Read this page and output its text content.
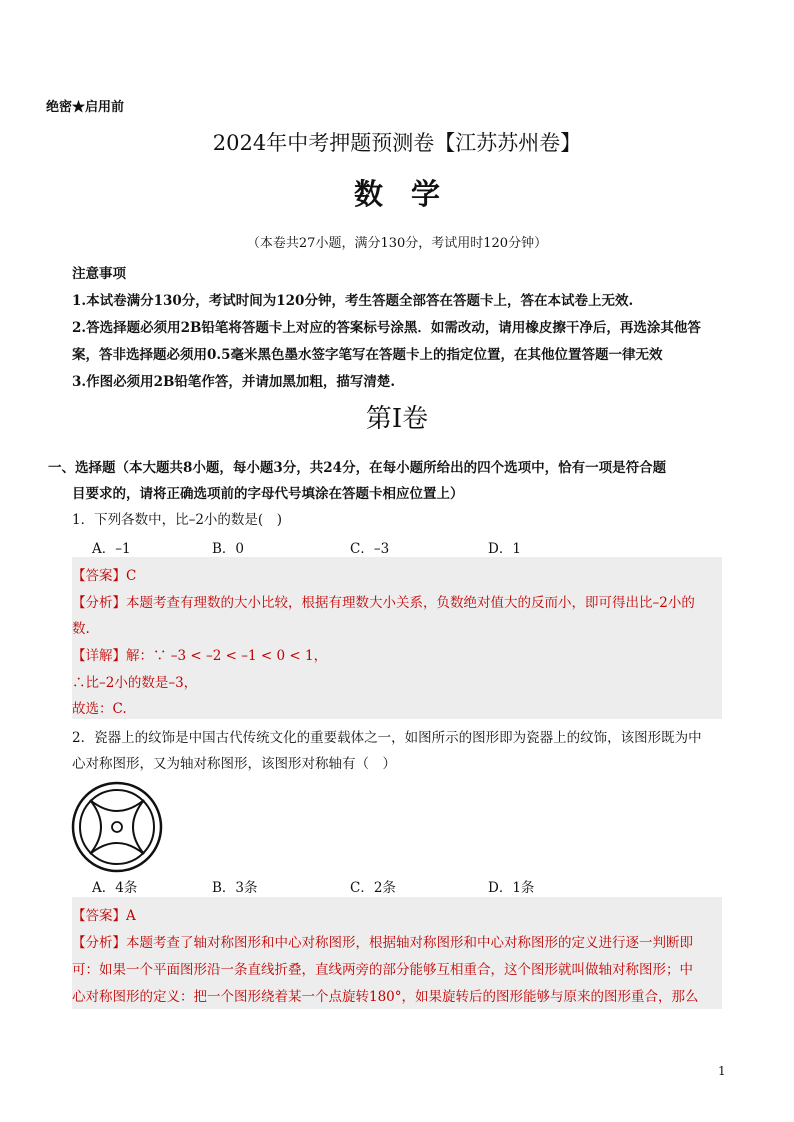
绝密★启用前
2024年中考押题预测卷【江苏苏州卷】
数学
（本卷共27小题，满分130分，考试用时120分钟）
注意事项
1.本试卷满分130分，考试时间为120分钟，考生答题全部答在答题卡上，答在本试卷上无效.
2.答选择题必须用2B铅笔将答题卡上对应的答案标号涂黑．如需改动，请用橡皮擦干净后，再选涂其他答
案，答非选择题必须用0.5毫米黑色墨水签字笔写在答题卡上的指定位置，在其他位置答题一律无效
3.作图必须用2B铅笔作答，并请加黑加粗，描写清楚.
第Ⅰ卷
一、选择题（本大题共8小题，每小题3分，共24分，在每小题所给出的四个选项中，恰有一项是符合题
目要求的，请将正确选项前的字母代号填涂在答题卡相应位置上）
1．下列各数中，比–2小的数是(　)
A．–1	B．0	C．–3	D．1
【答案】C
【分析】本题考查有理数的大小比较，根据有理数大小关系，负数绝对值大的反而小，即可得出比–2小的
数.
【详解】解：∵ –3 < –2 < –1 < 0 < 1，
∴比–2小的数是–3，
故选：C.
2．瓷器上的纹饰是中国古代传统文化的重要载体之一，如图所示的图形即为瓷器上的纹饰，该图形既为中
心对称图形，又为轴对称图形，该图形对称轴有（　）
A．4条	B．3条	C．2条	D．1条
【答案】A
【分析】本题考查了轴对称图形和中心对称图形，根据轴对称图形和中心对称图形的定义进行逐一判断即
可：如果一个平面图形沿一条直线折叠，直线两旁的部分能够互相重合，这个图形就叫做轴对称图形；中
心对称图形的定义：把一个图形绕着某一个点旋转180°，如果旋转后的图形能够与原来的图形重合，那么
1
